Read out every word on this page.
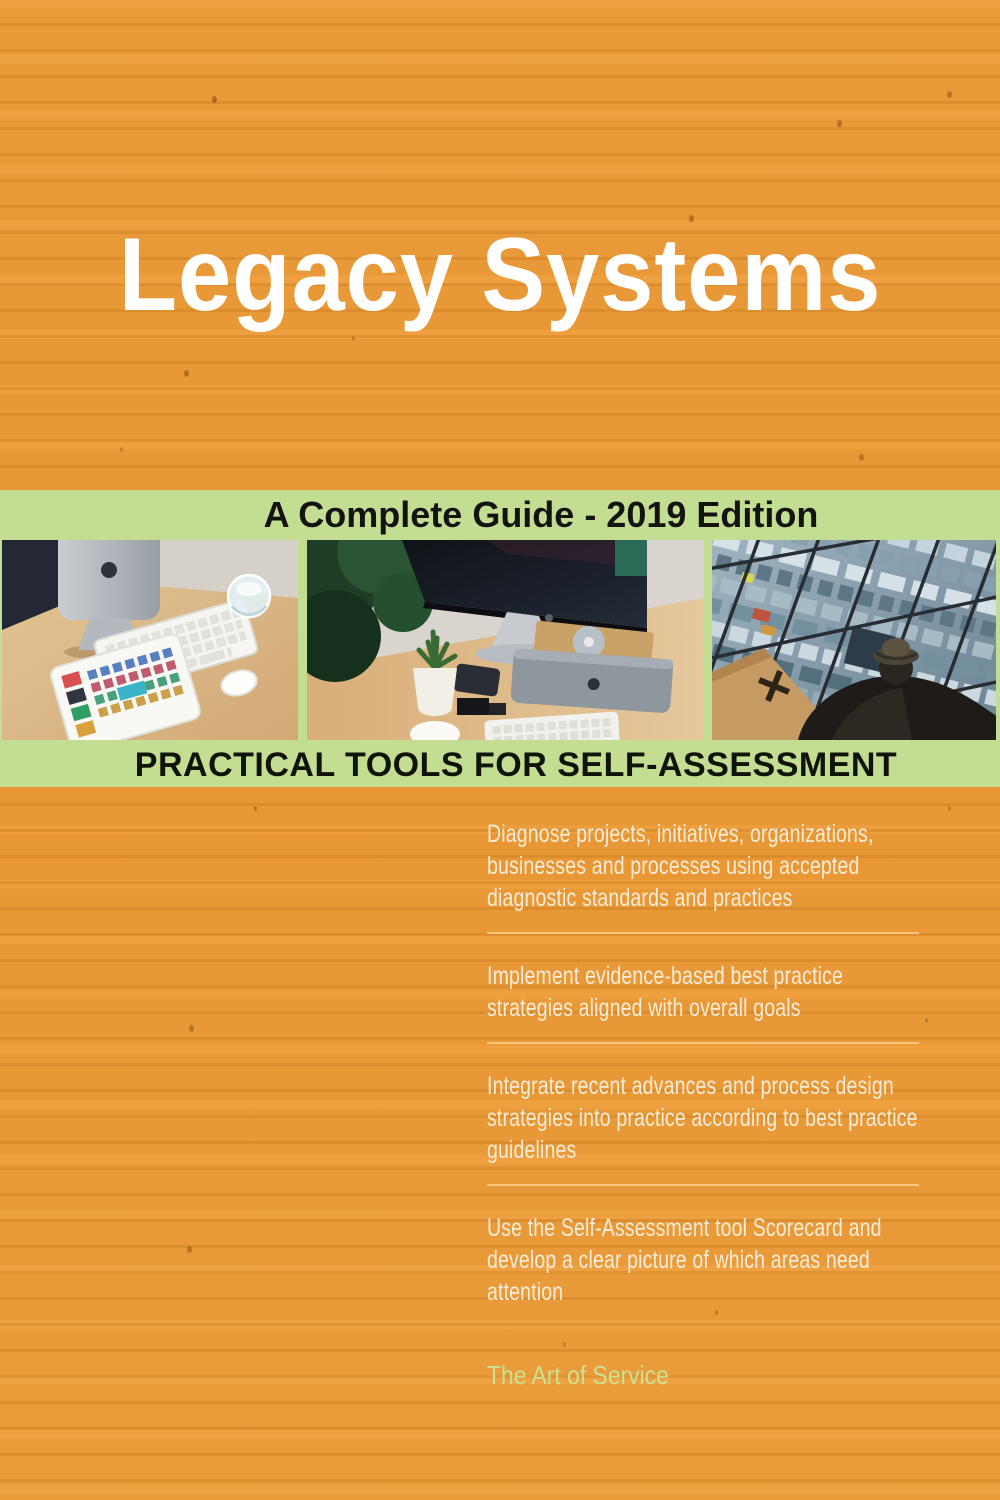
Legacy Systems
A Complete Guide - 2019 Edition
PRACTICAL TOOLS FOR SELF-ASSESSMENT
Diagnose projects, initiatives, organizations,
businesses and processes using accepted
diagnostic standards and practices
Implement evidence-based best practice
strategies aligned with overall goals
Integrate recent advances and process design
strategies into practice according to best practice
guidelines
Use the Self-Assessment tool Scorecard and
develop a clear picture of which areas need
attention
The Art of Service
